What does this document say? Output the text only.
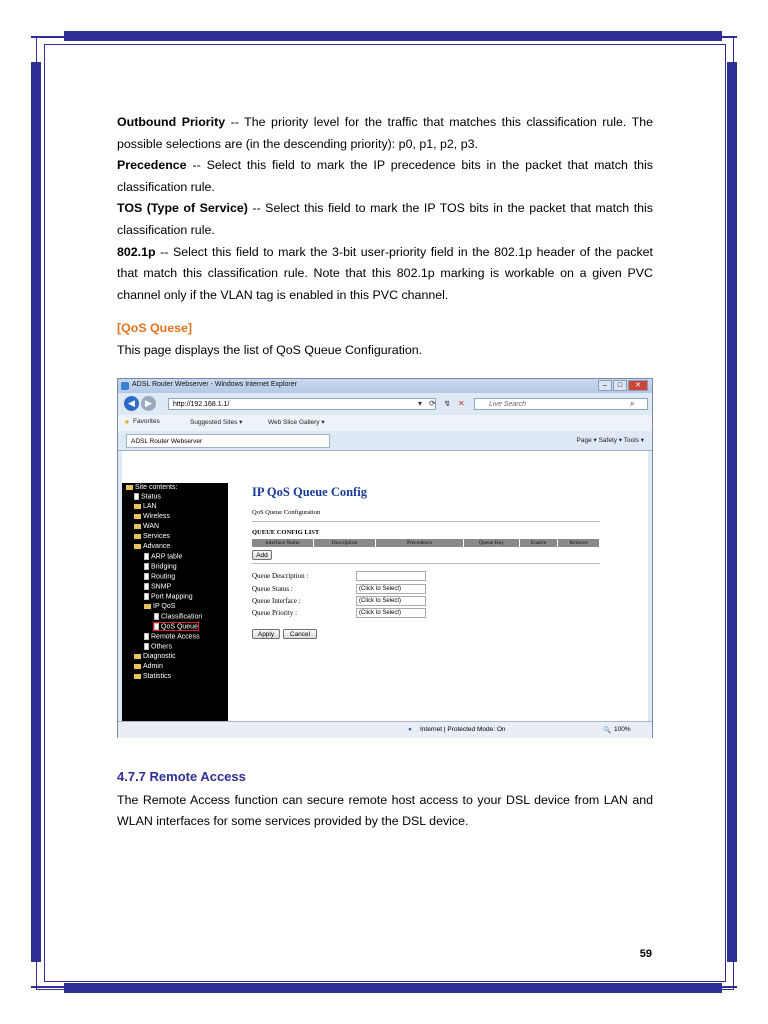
Outbound Priority -- The priority level for the traffic that matches this classification rule. The possible selections are (in the descending priority): p0, p1, p2, p3.

Precedence -- Select this field to mark the IP precedence bits in the packet that match this classification rule.

TOS (Type of Service) -- Select this field to mark the IP TOS bits in the packet that match this classification rule.

802.1p -- Select this field to mark the 3-bit user-priority field in the 802.1p header of the packet that match this classification rule. Note that this 802.1p marking is workable on a given PVC channel only if the VLAN tag is enabled in this PVC channel.

[QoS Quese]

This page displays the list of QoS Queue Configuration.

ADSL Router Webserver - Windows Internet Explorer	–	□	✕
◀	▶	http://192.168.1.1/	▾ ⟳ ↯ ✕	Live Search	⌕
★ Favorites	Suggested Sites ▾	Web Slice Gallery ▾
ADSL Router Webserver	Page ▾ Safety ▾ Tools ▾
Site contents:
Status
LAN
Wireless
WAN
Services
Advance
ARP table
Bridging
Routing
SNMP
Port Mapping
IP QoS
Classification
QoS Queue
Remote Access
Others
Diagnostic
Admin
Statistics
IP QoS Queue Config
QoS Queue Configuration
QUEUE CONFIG LIST
Interface Name	Description	Precedence	Queue Key	Enable	Remove
Add
Queue Description :
Queue Status :	(Click to Select)
Queue Interface :	(Click to Select)
Queue Priority :	(Click to Select)
Apply	Cancel
● Internet | Protected Mode: On	🔍 100%

4.7.7 Remote Access

The Remote Access function can secure remote host access to your DSL device from LAN and WLAN interfaces for some services provided by the DSL device.

59
